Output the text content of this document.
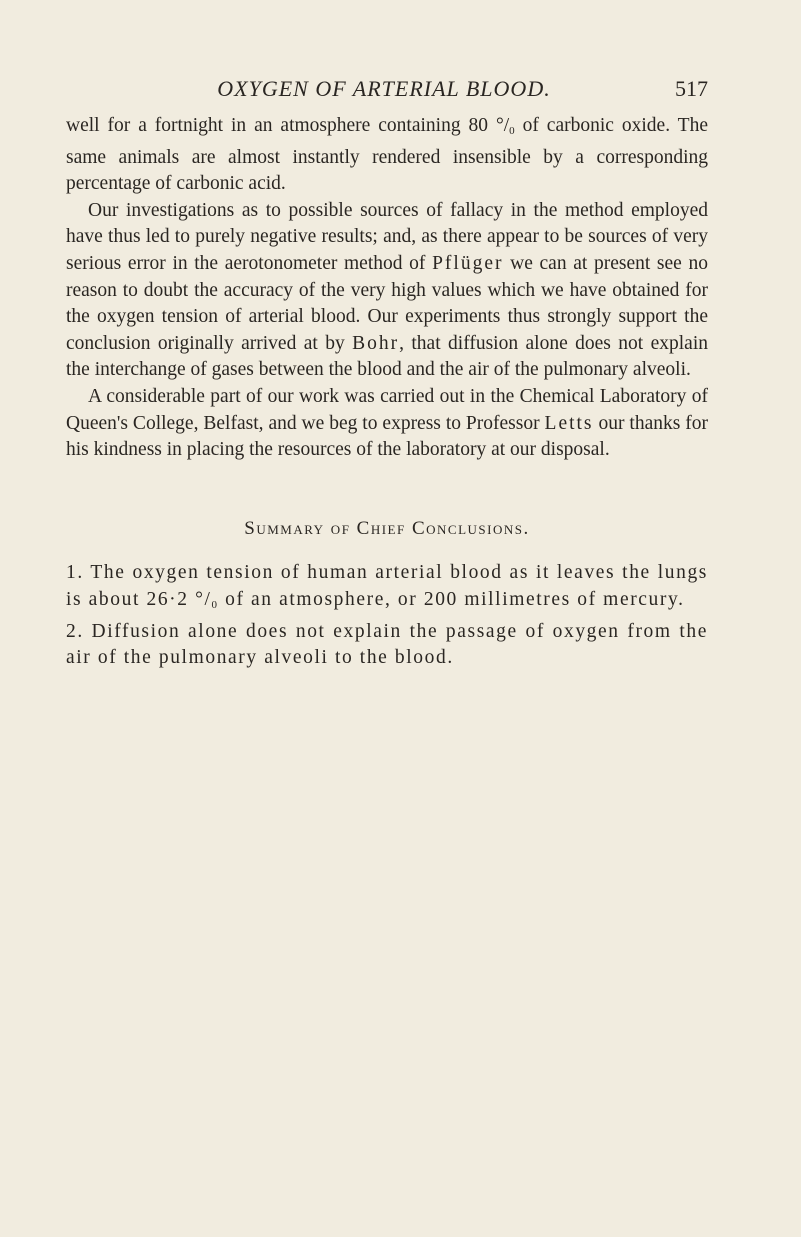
OXYGEN OF ARTERIAL BLOOD.	517

well for a fortnight in an atmosphere containing 80 $^\circ/_0$ of carbonic oxide. The same animals are almost instantly rendered insensible by a corresponding percentage of carbonic acid.

Our investigations as to possible sources of fallacy in the method employed have thus led to purely negative results; and, as there appear to be sources of very serious error in the aerotonometer method of Pflüger we can at present see no reason to doubt the accuracy of the very high values which we have obtained for the oxygen tension of arterial blood. Our experiments thus strongly support the conclusion originally arrived at by Bohr, that diffusion alone does not explain the interchange of gases between the blood and the air of the pulmonary alveoli.

A considerable part of our work was carried out in the Chemical Laboratory of Queen's College, Belfast, and we beg to express to Professor Letts our thanks for his kindness in placing the resources of the laboratory at our disposal.

Summary of Chief Conclusions.

1. The oxygen tension of human arterial blood as it leaves the lungs is about 26·2 $^\circ/_0$ of an atmosphere, or 200 millimetres of mercury.

2. Diffusion alone does not explain the passage of oxygen from the air of the pulmonary alveoli to the blood.
